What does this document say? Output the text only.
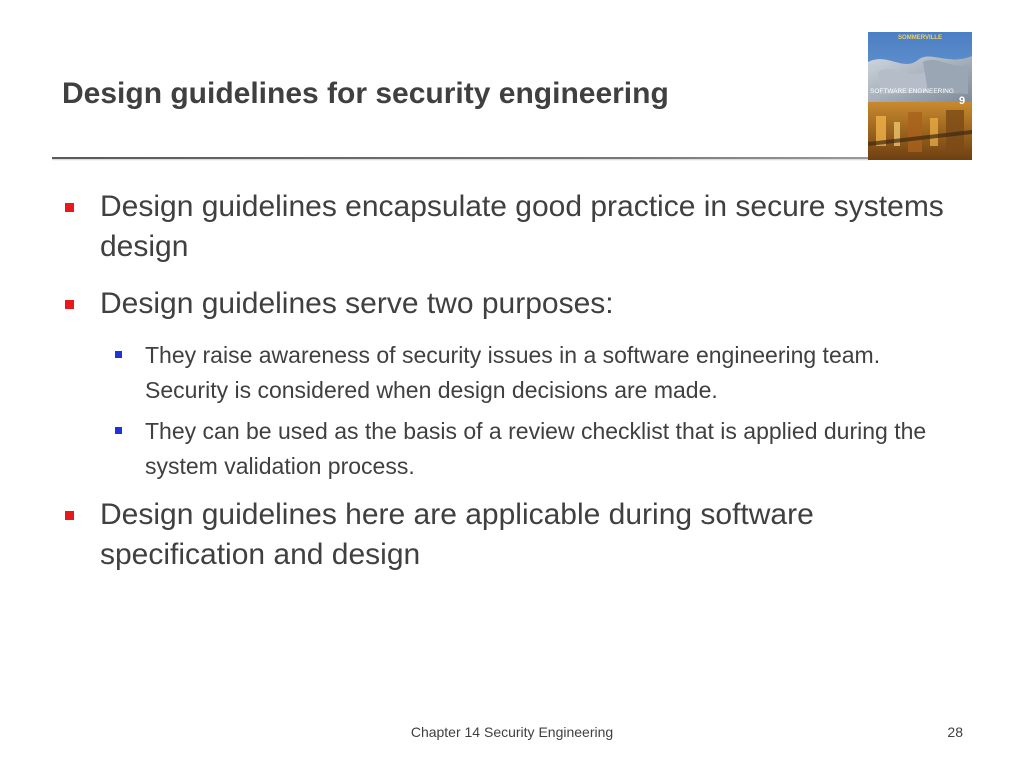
Design guidelines for security engineering
SOMMERVILLE
SOFTWARE ENGINEERING
9
Design guidelines encapsulate good practice in secure systems design
Design guidelines serve two purposes:
They raise awareness of security issues in a software engineering team. Security is considered when design decisions are made.
They can be used as the basis of a review checklist that is applied during the system validation process.
Design guidelines here are applicable during software specification and design
Chapter 14 Security Engineering	28
